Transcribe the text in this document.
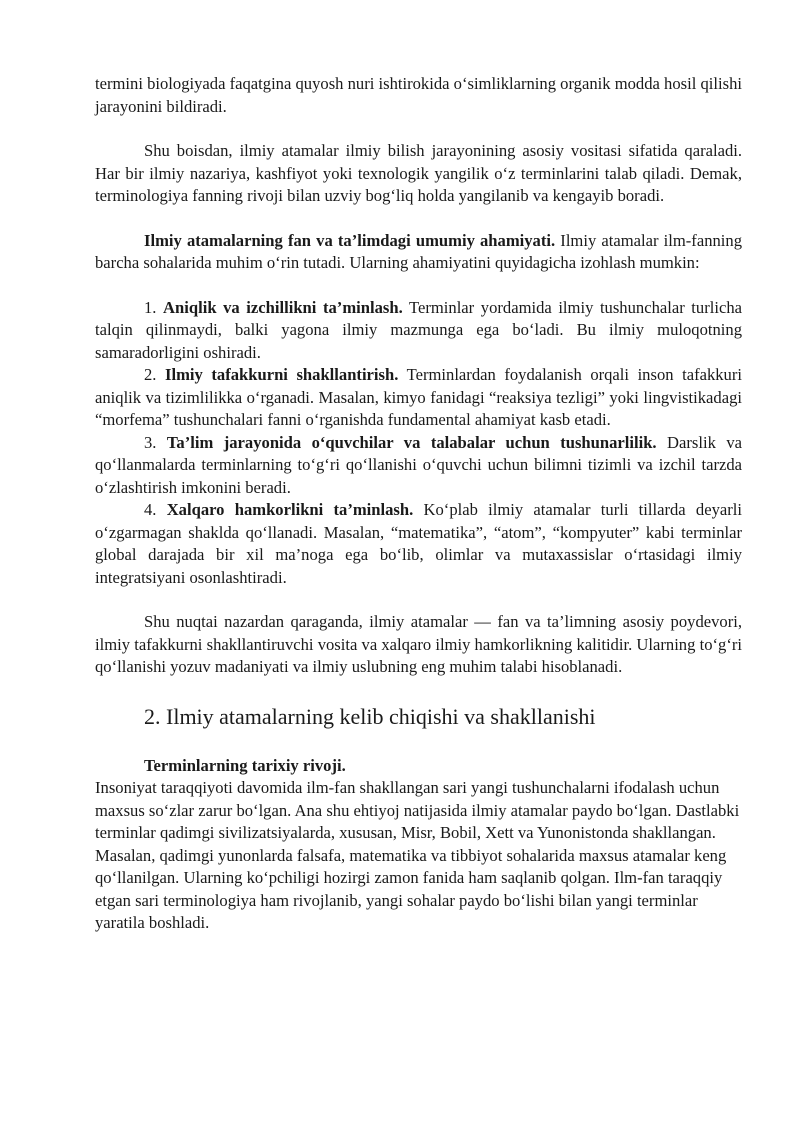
termini biologiyada faqatgina quyosh nuri ishtirokida o‘simliklarning organik modda hosil qilishi jarayonini bildiradi.

Shu boisdan, ilmiy atamalar ilmiy bilish jarayonining asosiy vositasi sifatida qaraladi. Har bir ilmiy nazariya, kashfiyot yoki texnologik yangilik o‘z terminlarini talab qiladi. Demak, terminologiya fanning rivoji bilan uzviy bog‘liq holda yangilanib va kengayib boradi.

Ilmiy atamalarning fan va ta’limdagi umumiy ahamiyati. Ilmiy atamalar ilm-fanning barcha sohalarida muhim o‘rin tutadi. Ularning ahamiyatini quyidagicha izohlash mumkin:

1. Aniqlik va izchillikni ta’minlash. Terminlar yordamida ilmiy tushunchalar turlicha talqin qilinmaydi, balki yagona ilmiy mazmunga ega bo‘ladi. Bu ilmiy muloqotning samaradorligini oshiradi.

2. Ilmiy tafakkurni shakllantirish. Terminlardan foydalanish orqali inson tafakkuri aniqlik va tizimlilikka o‘rganadi. Masalan, kimyo fanidagi “reaksiya tezligi” yoki lingvistikadagi “morfema” tushunchalari fanni o‘rganishda fundamental ahamiyat kasb etadi.

3. Ta’lim jarayonida o‘quvchilar va talabalar uchun tushunarlilik. Darslik va qo‘llanmalarda terminlarning to‘g‘ri qo‘llanishi o‘quvchi uchun bilimni tizimli va izchil tarzda o‘zlashtirish imkonini beradi.

4. Xalqaro hamkorlikni ta’minlash. Ko‘plab ilmiy atamalar turli tillarda deyarli o‘zgarmagan shaklda qo‘llanadi. Masalan, “matematika”, “atom”, “kompyuter” kabi terminlar global darajada bir xil ma’noga ega bo‘lib, olimlar va mutaxassislar o‘rtasidagi ilmiy integratsiyani osonlashtiradi.

Shu nuqtai nazardan qaraganda, ilmiy atamalar — fan va ta’limning asosiy poydevori, ilmiy tafakkurni shakllantiruvchi vosita va xalqaro ilmiy hamkorlikning kalitidir. Ularning to‘g‘ri qo‘llanishi yozuv madaniyati va ilmiy uslubning eng muhim talabi hisoblanadi.

2. Ilmiy atamalarning kelib chiqishi va shakllanishi

Terminlarning tarixiy rivoji.

Insoniyat taraqqiyoti davomida ilm-fan shakllangan sari yangi tushunchalarni ifodalash uchun maxsus so‘zlar zarur bo‘lgan. Ana shu ehtiyoj natijasida ilmiy atamalar paydo bo‘lgan. Dastlabki terminlar qadimgi sivilizatsiyalarda, xususan, Misr, Bobil, Xett va Yunonistonda shakllangan. Masalan, qadimgi yunonlarda falsafa, matematika va tibbiyot sohalarida maxsus atamalar keng qo‘llanilgan. Ularning ko‘pchiligi hozirgi zamon fanida ham saqlanib qolgan. Ilm-fan taraqqiy etgan sari terminologiya ham rivojlanib, yangi sohalar paydo bo‘lishi bilan yangi terminlar yaratila boshladi.
